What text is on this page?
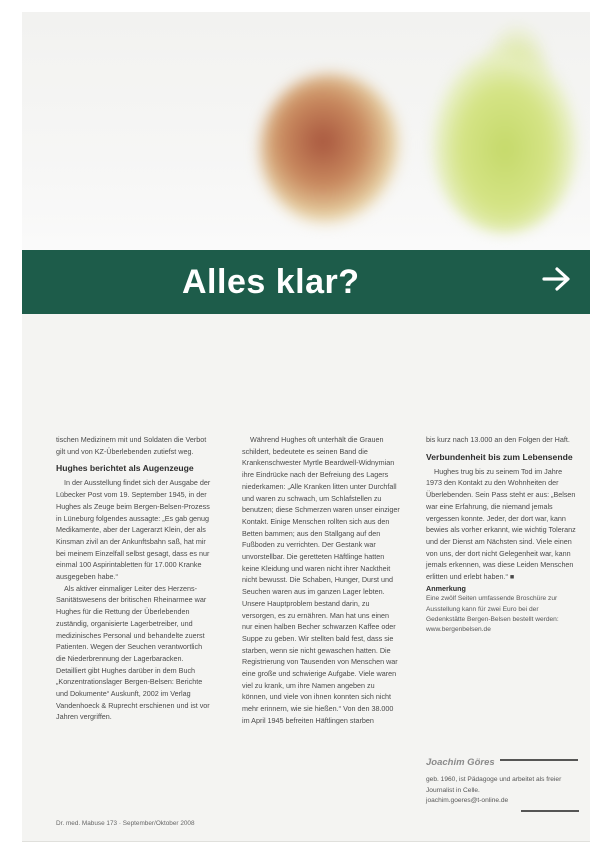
Alles klar?

tischen Medizinern mit und Soldaten die Verbot gilt und von KZ-Überlebenden zutiefst weg.

Hughes berichtet als Augenzeuge

In der Ausstellung findet sich der Ausgabe der Lübecker Post vom 19. September 1945, in der Hughes als Zeuge beim Bergen-Belsen-Prozess in Lüneburg folgendes aussagte: „Es gab genug Medikamente, aber der Lagerarzt Klein, der als Kinsman zivil an der Ankunftsbahn saß, hat mir bei meinem Einzelfall selbst gesagt, dass es nur einmal 100 Aspirintabletten für 17.000 Kranke ausgegeben habe.“

Als aktiver einmaliger Leiter des Herzens-Sanitätswesens der britischen Rheinarmee war Hughes für die Rettung der Überlebenden zuständig, organisierte Lagerbetreiber, und medizinisches Personal und behandelte zuerst Patienten. Wegen der Seuchen verantwortlich die Niederbrennung der Lagerbaracken. Detailliert gibt Hughes darüber in dem Buch „Konzentrationslager Bergen-Belsen: Berichte und Dokumente“ Auskunft, 2002 im Verlag Vandenhoeck & Ruprecht erschienen und ist vor Jahren vergriffen.

Während Hughes oft unterhält die Grauen schildert, bedeutete es seinen Band die Krankenschwester Myrtle Beardwell-Widnymian ihre Eindrücke nach der Befreiung des Lagers niederkamen: „Alle Kranken litten unter Durchfall und waren zu schwach, um Schlafstellen zu benutzen; diese Schmerzen waren unser einziger Kontakt. Einige Menschen rollten sich aus den Betten bammen; aus den Stallgang auf den Fußboden zu verrichten. Der Gestank war unvorstellbar. Die geretteten Häftlinge hatten keine Kleidung und waren nicht ihrer Nacktheit nicht bewusst. Die Schaben, Hunger, Durst und Seuchen waren aus im ganzen Lager lebten. Unsere Hauptproblem bestand darin, zu versorgen, es zu ernähren. Man hat uns einen nur einen halben Becher schwarzen Kaffee oder Suppe zu geben. Wir stellten bald fest, dass sie starben, wenn sie nicht gewaschen hatten. Die Registrierung von Tausenden von Menschen war eine große und schwierige Aufgabe. Viele waren viel zu krank, um ihre Namen angeben zu können, und viele von ihnen konnten sich nicht mehr erinnern, wie sie hießen.“ Von den 38.000 im April 1945 befreiten Häftlingen starben

bis kurz nach 13.000 an den Folgen der Haft.

Verbundenheit bis zum Lebensende

Hughes trug bis zu seinem Tod im Jahre 1973 den Kontakt zu den Wohnheiten der Überlebenden. Sein Pass steht er aus: „Belsen war eine Erfahrung, die niemand jemals vergessen konnte. Jeder, der dort war, kann bewies als vorher erkannt, wie wichtig Toleranz und der Dienst am Nächsten sind. Viele einen von uns, der dort nicht Gelegenheit war, kann jemals erkennen, was diese Leiden Menschen erlitten und erlebt haben.“ ■

Anmerkung

Eine zwölf Seiten umfassende Broschüre zur Ausstellung kann für zwei Euro bei der Gedenkstätte Bergen-Belsen bestellt werden: www.bergenbelsen.de

Joachim Göres

geb. 1960, ist Pädagoge und arbeitet als freier Journalist in Celle.

joachim.goeres@t-online.de

Dr. med. Mabuse 173 · September/Oktober 2008
